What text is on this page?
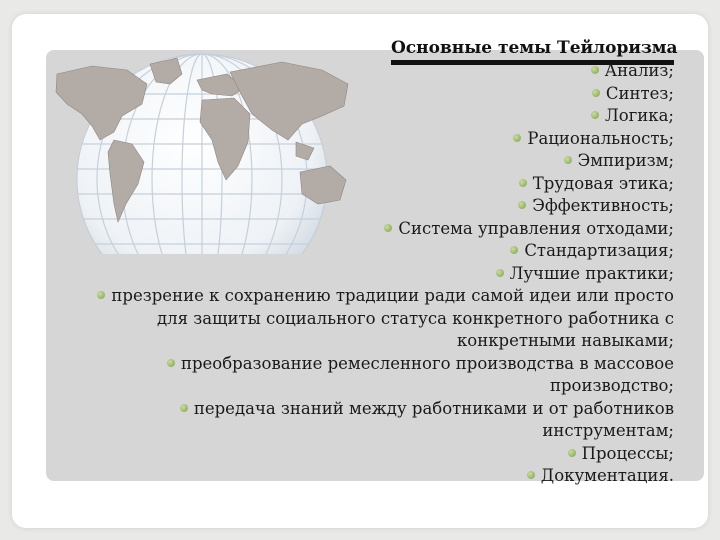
Основные темы Тейлоризма
Анализ;
Синтез;
Логика;
Рациональность;
Эмпиризм;
Трудовая этика;
Эффективность;
Система управления отходами;
Стандартизация;
Лучшие практики;
презрение к сохранению традиции ради самой идеи или просто
для защиты социального статуса конкретного работника с
конкретными навыками;
преобразование ремесленного производства в массовое
производство;
передача знаний между работниками и от работников
инструментам;
Процессы;
Документация.
